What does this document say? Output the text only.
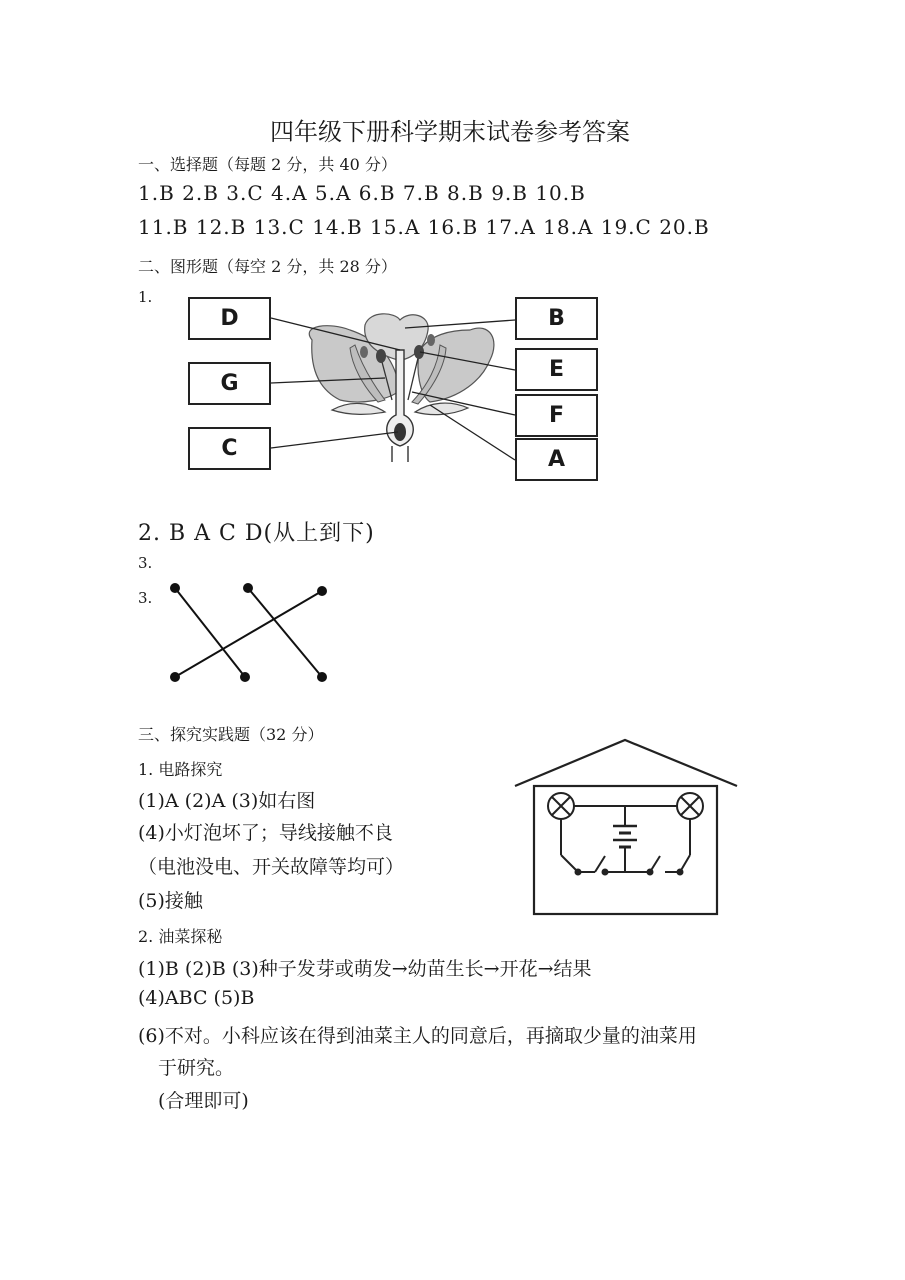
四年级下册科学期末试卷参考答案
一、选择题（每题 2 分，共 40 分）
1.B 2.B 3.C 4.A 5.A 6.B 7.B 8.B 9.B 10.B
11.B 12.B 13.C 14.B 15.A 16.B 17.A 18.A 19.C 20.B
二、图形题（每空 2 分，共 28 分）
1.
D
G
C
B
E
F
A
2. B A C D(从上到下)
3.
3.
三、探究实践题（32 分）
1. 电路探究
(1)A (2)A (3)如右图
(4)小灯泡坏了；导线接触不良
（电池没电、开关故障等均可）
(5)接触
2. 油菜探秘
(1)B (2)B (3)种子发芽或萌发→幼苗生长→开花→结果
(4)ABC (5)B
(6)不对。小科应该在得到油菜主人的同意后，再摘取少量的油菜用
于研究。
(合理即可)
